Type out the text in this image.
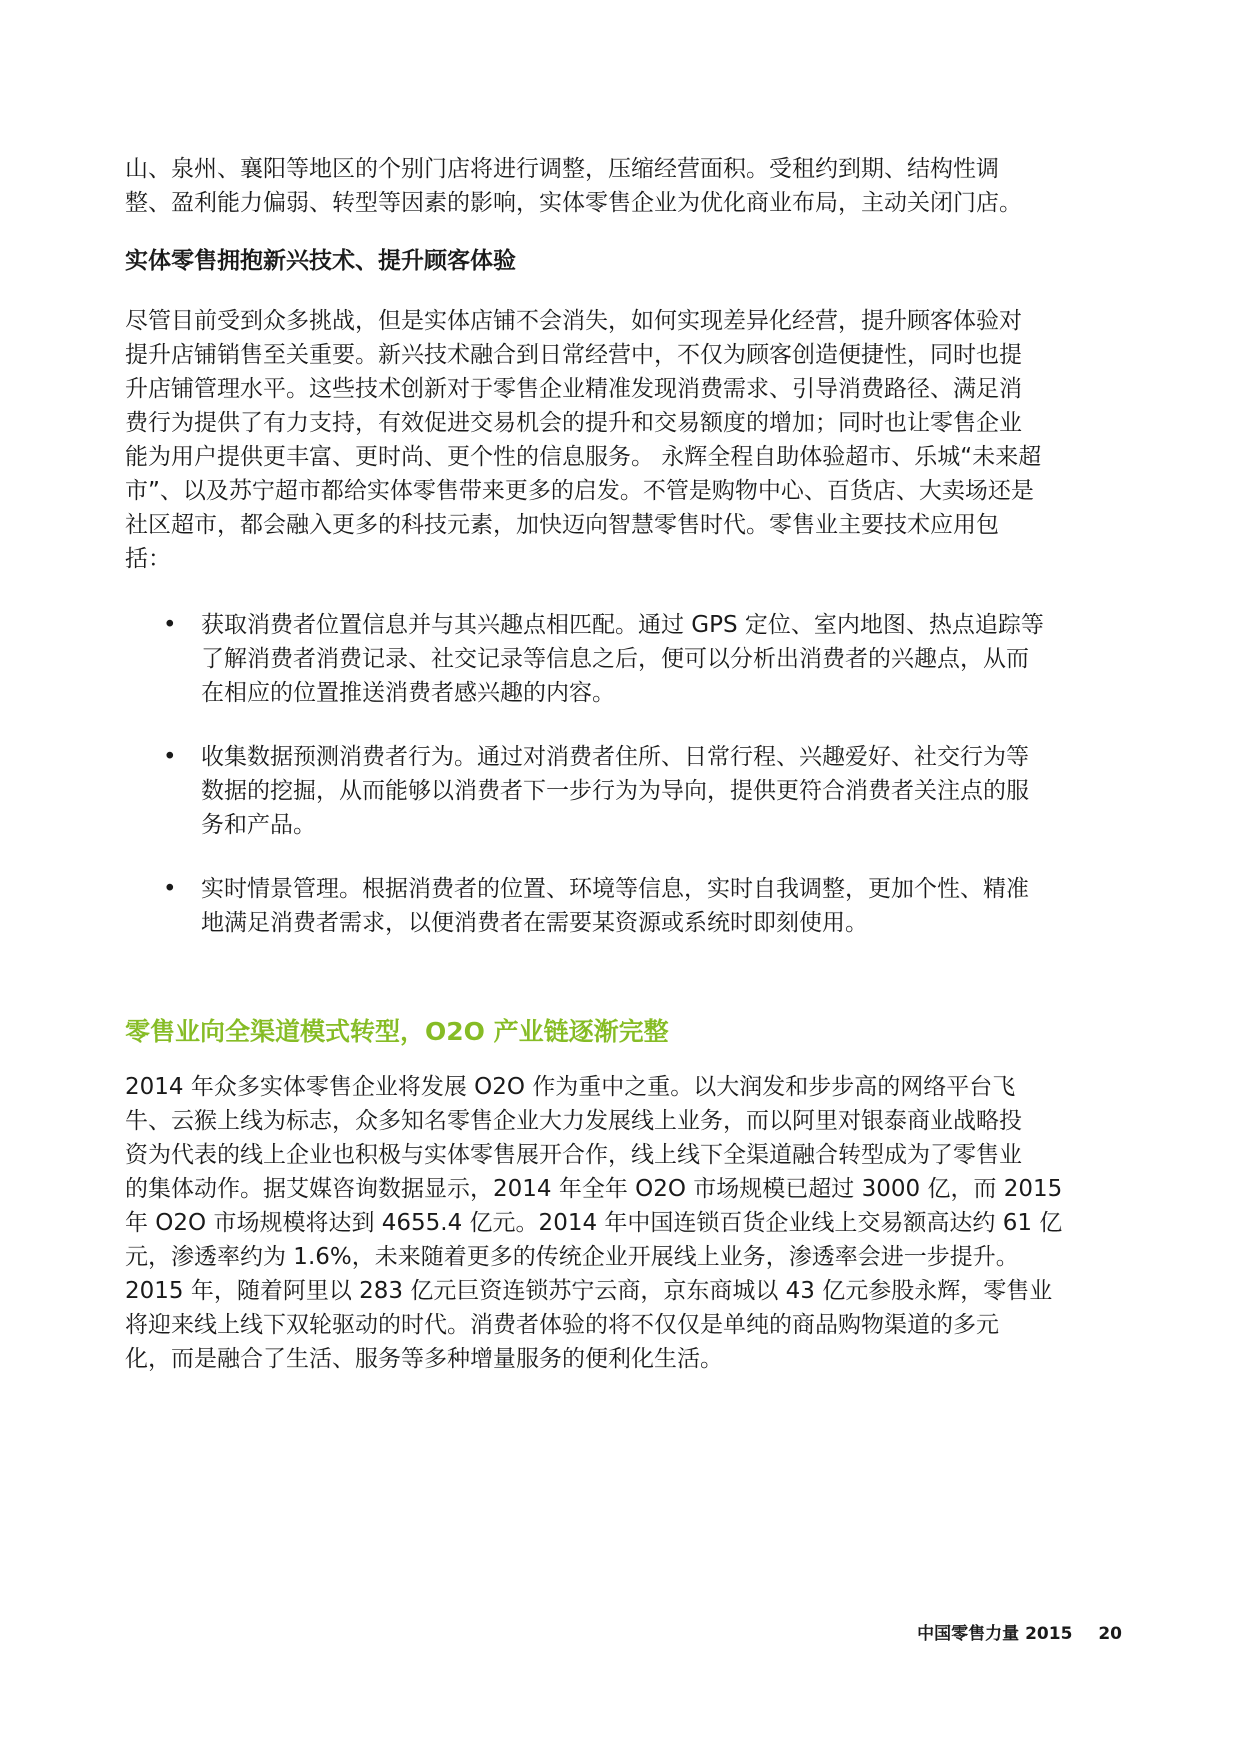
山、泉州、襄阳等地区的个别门店将进行调整，压缩经营面积。受租约到期、结构性调
整、盈利能力偏弱、转型等因素的影响，实体零售企业为优化商业布局，主动关闭门店。

实体零售拥抱新兴技术、提升顾客体验

尽管目前受到众多挑战，但是实体店铺不会消失，如何实现差异化经营，提升顾客体验对
提升店铺销售至关重要。新兴技术融合到日常经营中，不仅为顾客创造便捷性，同时也提
升店铺管理水平。这些技术创新对于零售企业精准发现消费需求、引导消费路径、满足消
费行为提供了有力支持，有效促进交易机会的提升和交易额度的增加；同时也让零售企业
能为用户提供更丰富、更时尚、更个性的信息服务。 永辉全程自助体验超市、乐城“未来超
市”、以及苏宁超市都给实体零售带来更多的启发。不管是购物中心、百货店、大卖场还是
社区超市，都会融入更多的科技元素，加快迈向智慧零售时代。零售业主要技术应用包
括：

• 获取消费者位置信息并与其兴趣点相匹配。通过 GPS 定位、室内地图、热点追踪等
了解消费者消费记录、社交记录等信息之后，便可以分析出消费者的兴趣点，从而
在相应的位置推送消费者感兴趣的内容。
• 收集数据预测消费者行为。通过对消费者住所、日常行程、兴趣爱好、社交行为等
数据的挖掘，从而能够以消费者下一步行为为导向，提供更符合消费者关注点的服
务和产品。
• 实时情景管理。根据消费者的位置、环境等信息，实时自我调整，更加个性、精准
地满足消费者需求，以便消费者在需要某资源或系统时即刻使用。

零售业向全渠道模式转型，O2O 产业链逐渐完整

2014 年众多实体零售企业将发展 O2O 作为重中之重。以大润发和步步高的网络平台飞
牛、云猴上线为标志，众多知名零售企业大力发展线上业务，而以阿里对银泰商业战略投
资为代表的线上企业也积极与实体零售展开合作，线上线下全渠道融合转型成为了零售业
的集体动作。据艾媒咨询数据显示，2014 年全年 O2O 市场规模已超过 3000 亿，而 2015
年 O2O 市场规模将达到 4655.4 亿元。2014 年中国连锁百货企业线上交易额高达约 61 亿
元，渗透率约为 1.6%，未来随着更多的传统企业开展线上业务，渗透率会进一步提升。
2015 年，随着阿里以 283 亿元巨资连锁苏宁云商，京东商城以 43 亿元参股永辉，零售业
将迎来线上线下双轮驱动的时代。消费者体验的将不仅仅是单纯的商品购物渠道的多元
化，而是融合了生活、服务等多种增量服务的便利化生活。

中国零售力量 2015 20
